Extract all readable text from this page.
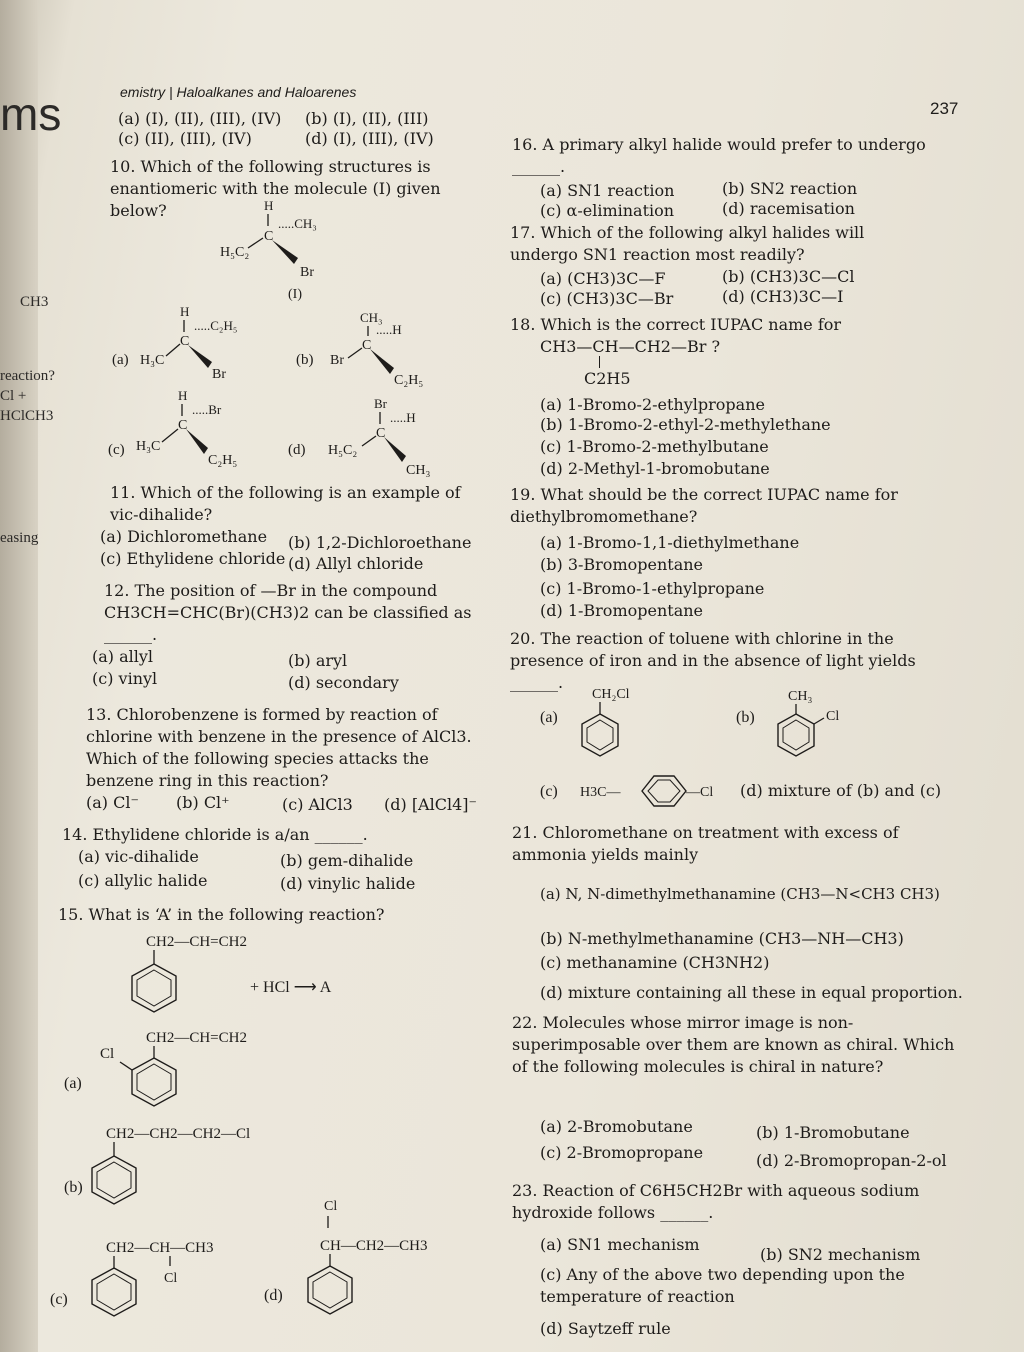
ms
CH3
reaction?
Cl +
HClCH3
easing
emistry | Haloalkanes and Haloarenes
237
(a) (I), (II), (III), (IV) (b) (I), (II), (III)
(c) (II), (III), (IV)	(d) (I), (III), (IV)
10. Which of the following structures is enantiomeric with the molecule (I) given below?	H
C
.....CH₃
Br
H₅C₂
(I)
(a)
H
C
.....C₂H₅
Br
H₃C	(b)
CH₃
C
.....H
C₂H₅
Br
(c)
H
C
.....Br
C₂H₅
H₃C	(d)
Br
C
.....H
CH₃
H₅C₂
11. Which of the following is an example of vic-dihalide?
(a) Dichloromethane (b) 1,2-Dichloroethane
(c) Ethylidene chloride (d) Allyl chloride
12. The position of —Br in the compound CH3CH=CHC(Br)(CH3)2 can be classified as ______.
(a) allyl	(b) aryl
(c) vinyl	(d) secondary
13. Chlorobenzene is formed by reaction of chlorine with benzene in the presence of AlCl3. Which of the following species attacks the benzene ring in this reaction?
(a) Cl⁻ (b) Cl⁺	(c) AlCl3 (d) [AlCl4]⁻
14. Ethylidene chloride is a/an ______.
(a) vic-dihalide	(b) gem-dihalide
(c) allylic halide	(d) vinylic halide
15. What is ‘A’ in the following reaction?
CH2—CH=CH2
+ HCl ⟶ A
(a)
Cl
CH2—CH=CH2
(b)
CH2—CH2—CH2—Cl
(c)
CH2—CH—CH3
Cl
(d)
Cl
CH—CH2—CH3
16. A primary alkyl halide would prefer to undergo ______.
(a) SN1 reaction	(b) SN2 reaction
(c) α-elimination	(d) racemisation
17. Which of the following alkyl halides will undergo SN1 reaction most readily?
(a) (CH3)3C—F	(b) (CH3)3C—Cl
(c) (CH3)3C—Br	(d) (CH3)3C—I
18. Which is the correct IUPAC name for
CH3—CH—CH2—Br ?
C2H5
(a) 1-Bromo-2-ethylpropane
(b) 1-Bromo-2-ethyl-2-methylethane
(c) 1-Bromo-2-methylbutane
(d) 2-Methyl-1-bromobutane
19. What should be the correct IUPAC name for diethylbromomethane?
(a) 1-Bromo-1,1-diethylmethane
(b) 3-Bromopentane
(c) 1-Bromo-1-ethylpropane
(d) 1-Bromopentane
20. The reaction of toluene with chlorine in the presence of iron and in the absence of light yields ______.
(a)
CH₂Cl
(b)
CH₃
Cl
(c) H3C—	—Cl (d) mixture of (b) and (c)
21. Chloromethane on treatment with excess of ammonia yields mainly
(a) N, N-dimethylmethanamine (CH3—N<CH3 CH3)
(b) N-methylmethanamine (CH3—NH—CH3)
(c) methanamine (CH3NH2)
(d) mixture containing all these in equal proportion.
22. Molecules whose mirror image is non-superimposable over them are known as chiral. Which of the following molecules is chiral in nature?
(a) 2-Bromobutane	(b) 1-Bromobutane
(c) 2-Bromopropane	(d) 2-Bromopropan-2-ol
23. Reaction of C6H5CH2Br with aqueous sodium hydroxide follows ______.
(a) SN1 mechanism
(b) SN2 mechanism
(c) Any of the above two depending upon the temperature of reaction
(d) Saytzeff rule
